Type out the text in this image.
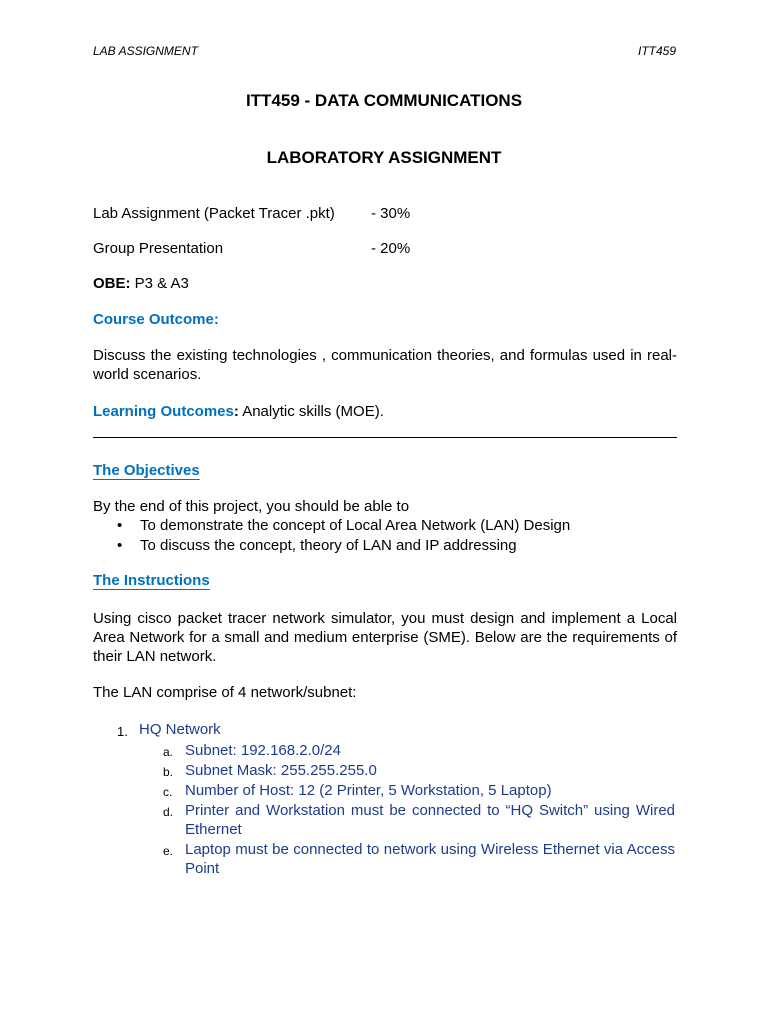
LAB ASSIGNMENT	ITT459
ITT459 - DATA COMMUNICATIONS
LABORATORY ASSIGNMENT
Lab Assignment (Packet Tracer .pkt) - 30%
Group Presentation	- 20%
OBE: P3 & A3
Course Outcome:
Discuss the existing technologies , communication theories, and formulas used in real-world scenarios.
Learning Outcomes: Analytic skills (MOE).
The Objectives
By the end of this project, you should be able to
• To demonstrate the concept of Local Area Network (LAN) Design
• To discuss the concept, theory of LAN and IP addressing
The Instructions
Using cisco packet tracer network simulator, you must design and implement a Local Area Network for a small and medium enterprise (SME). Below are the requirements of their LAN network.
The LAN comprise of 4 network/subnet:
1. HQ Network
a. Subnet: 192.168.2.0/24
b. Subnet Mask: 255.255.255.0
c. Number of Host: 12 (2 Printer, 5 Workstation, 5 Laptop)
d. Printer and Workstation must be connected to “HQ Switch” using Wired Ethernet
e. Laptop must be connected to network using Wireless Ethernet via Access Point
